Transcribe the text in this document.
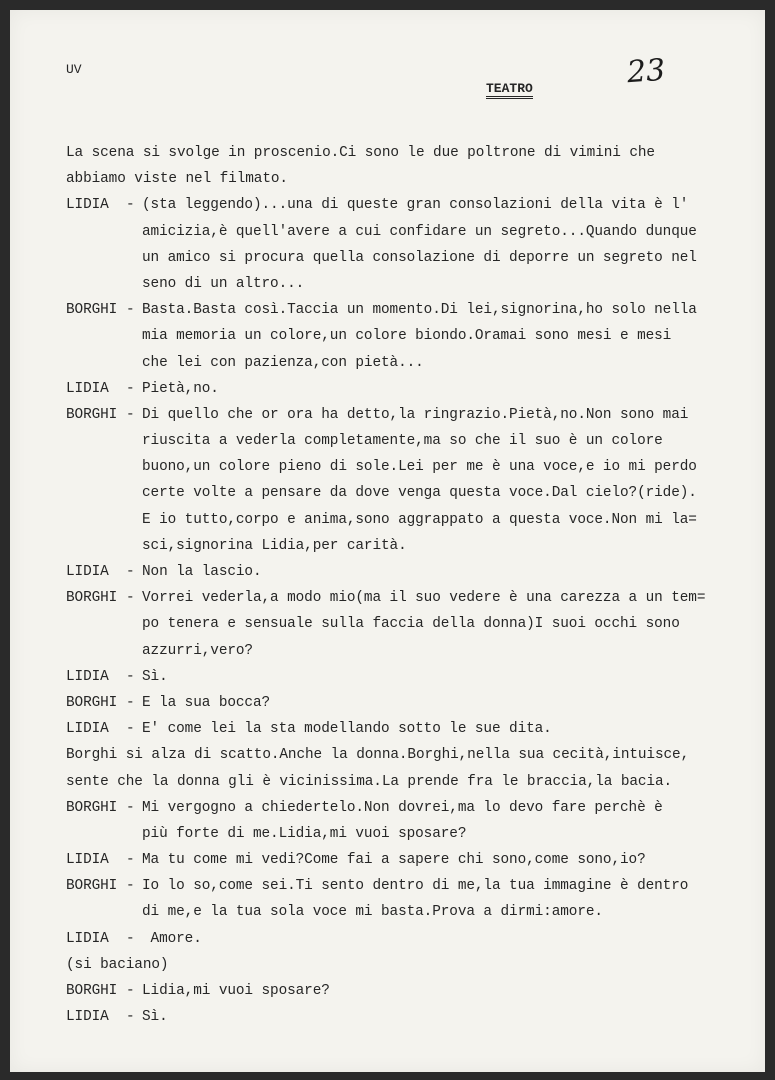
UV	23
TEATRO
La scena si svolge in proscenio.Ci sono le due poltrone di vimini che
abbiamo viste nel filmato.
LIDIA - (sta leggendo)...una di queste gran consolazioni della vita è l'
amicizia,è quell'avere a cui confidare un segreto...Quando dunque
un amico si procura quella consolazione di deporre un segreto nel
seno di un altro...
BORGHI - Basta.Basta così.Taccia un momento.Di lei,signorina,ho solo nella
mia memoria un colore,un colore biondo.Oramai sono mesi e mesi
che lei con pazienza,con pietà...
LIDIA - Pietà,no.
BORGHI - Di quello che or ora ha detto,la ringrazio.Pietà,no.Non sono mai
riuscita a vederla completamente,ma so che il suo è un colore
buono,un colore pieno di sole.Lei per me è una voce,e io mi perdo
certe volte a pensare da dove venga questa voce.Dal cielo?(ride).
E io tutto,corpo e anima,sono aggrappato a questa voce.Non mi la=
sci,signorina Lidia,per carità.
LIDIA - Non la lascio.
BORGHI - Vorrei vederla,a modo mio(ma il suo vedere è una carezza a un tem=
po tenera e sensuale sulla faccia della donna)I suoi occhi sono
azzurri,vero?
LIDIA - Sì.
BORGHI - E la sua bocca?
LIDIA - E' come lei la sta modellando sotto le sue dita.
Borghi si alza di scatto.Anche la donna.Borghi,nella sua cecità,intuisce,
sente che la donna gli è vicinissima.La prende fra le braccia,la bacia.
BORGHI - Mi vergogno a chiedertelo.Non dovrei,ma lo devo fare perchè è
più forte di me.Lidia,mi vuoi sposare?
LIDIA - Ma tu come mi vedi?Come fai a sapere chi sono,come sono,io?
BORGHI - Io lo so,come sei.Ti sento dentro di me,la tua immagine è dentro
di me,e la tua sola voce mi basta.Prova a dirmi:amore.
LIDIA - Amore.
(si baciano)
BORGHI - Lidia,mi vuoi sposare?
LIDIA - Sì.
